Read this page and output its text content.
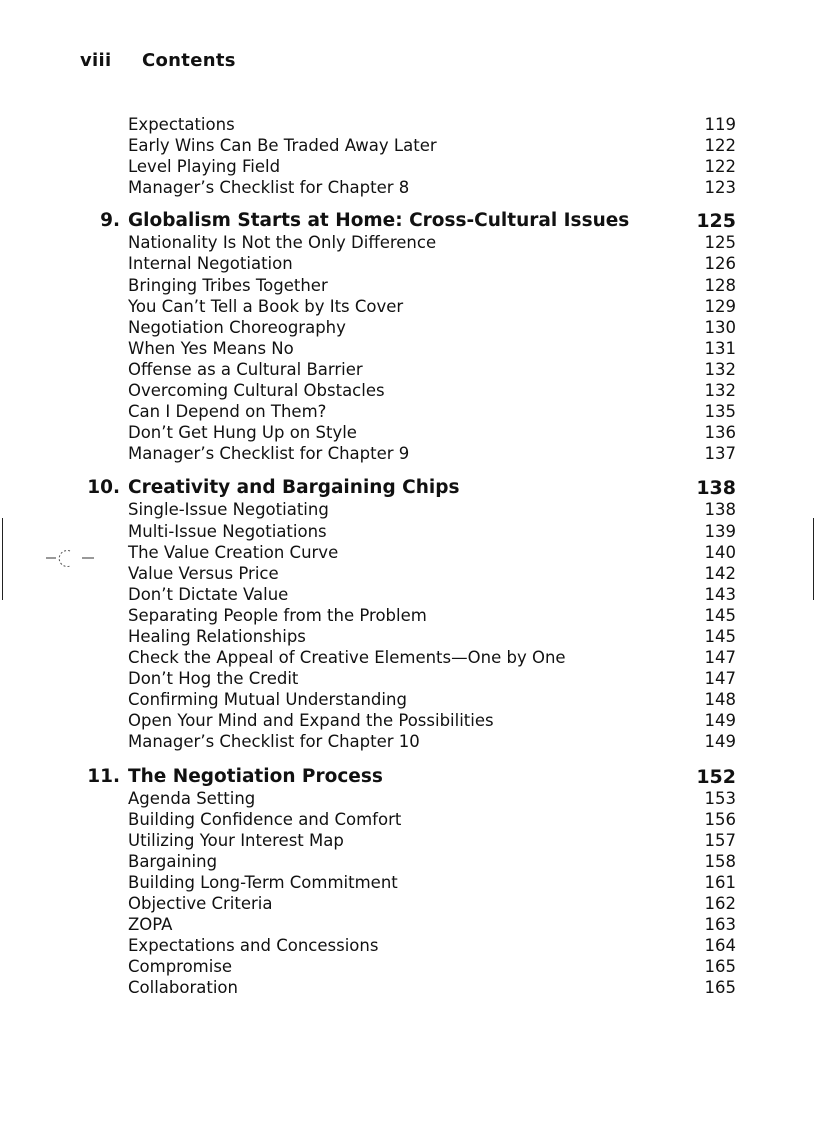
viii Contents
Expectations	119
Early Wins Can Be Traded Away Later	122
Level Playing Field	122
Manager’s Checklist for Chapter 8	123
9. Globalism Starts at Home: Cross-Cultural Issues	125
Nationality Is Not the Only Difference	125
Internal Negotiation	126
Bringing Tribes Together	128
You Can’t Tell a Book by Its Cover	129
Negotiation Choreography	130
When Yes Means No	131
Offense as a Cultural Barrier	132
Overcoming Cultural Obstacles	132
Can I Depend on Them?	135
Don’t Get Hung Up on Style	136
Manager’s Checklist for Chapter 9	137
10. Creativity and Bargaining Chips	138
Single-Issue Negotiating	138
Multi-Issue Negotiations	139
The Value Creation Curve	140
Value Versus Price	142
Don’t Dictate Value	143
Separating People from the Problem	145
Healing Relationships	145
Check the Appeal of Creative Elements—One by One	147
Don’t Hog the Credit	147
Confirming Mutual Understanding	148
Open Your Mind and Expand the Possibilities	149
Manager’s Checklist for Chapter 10	149
11. The Negotiation Process	152
Agenda Setting	153
Building Confidence and Comfort	156
Utilizing Your Interest Map	157
Bargaining	158
Building Long-Term Commitment	161
Objective Criteria	162
ZOPA	163
Expectations and Concessions	164
Compromise	165
Collaboration	165
